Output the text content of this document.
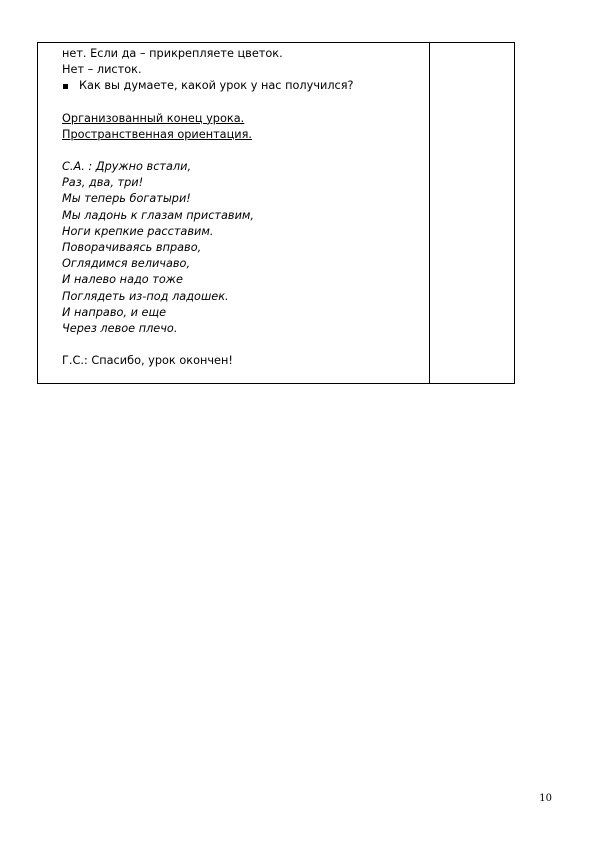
нет. Если да – прикрепляете цветок.
Нет – листок.
Как вы думаете, какой урок у нас получился?
Организованный конец урока.
Пространственная ориентация.
С.А. : Дружно встали,
Раз, два, три!
Мы теперь богатыри!
Мы ладонь к глазам приставим,
Ноги крепкие расставим.
Поворачиваясь вправо,
Оглядимся величаво,
И налево надо тоже
Поглядеть из-под ладошек.
И направо, и еще
Через левое плечо.
Г.С.: Спасибо, урок окончен!
10
